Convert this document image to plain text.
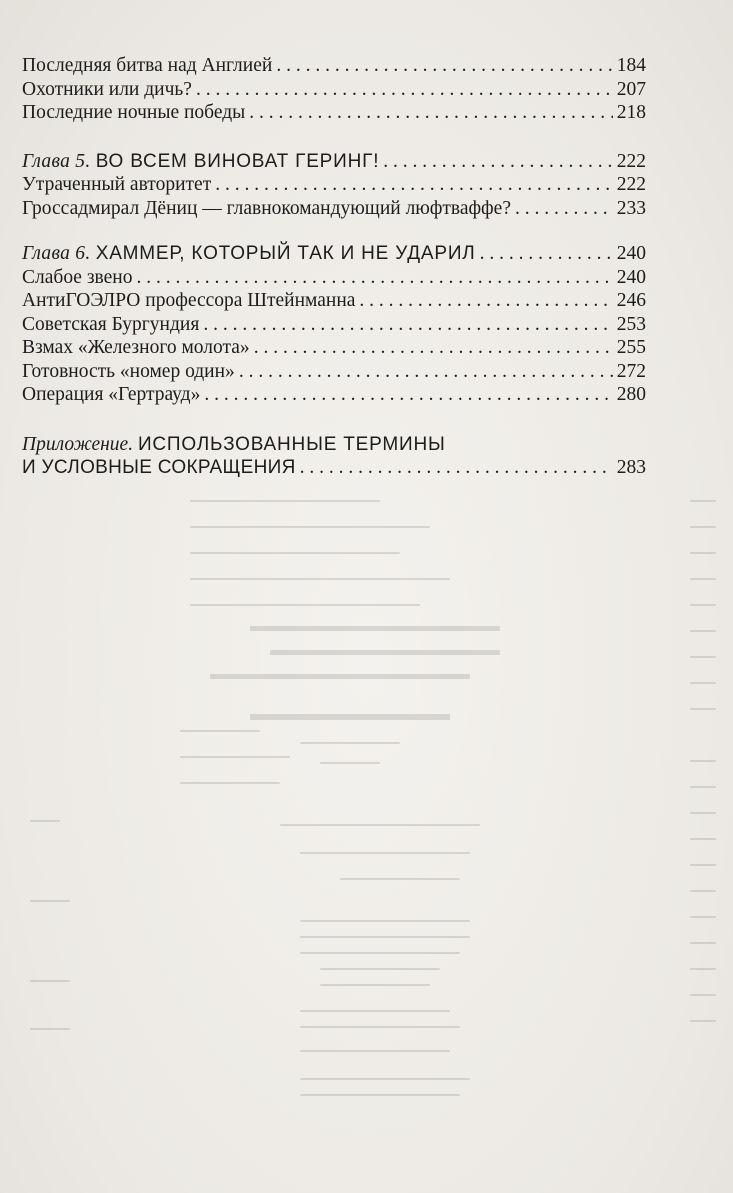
Последняя битва над Англией . . .	184
Охотники или дичь? . . .	207
Последние ночные победы . . .	218
Глава 5. ВО ВСЕМ ВИНОВАТ ГЕРИНГ! . . .	222
Утраченный авторитет . . .	222
Гроссадмирал Дёниц — главнокомандующий люфтваффе? . . .	233
Глава 6. ХАММЕР, КОТОРЫЙ ТАК И НЕ УДАРИЛ . . .	240
Слабое звено . . .	240
АнтиГОЭЛРО профессора Штейнманна . . .	246
Советская Бургундия . . .	253
Взмах «Железного молота» . . .	255
Готовность «номер один» . . .	272
Операция «Гертрауд» . . .	280
Приложение. ИСПОЛЬЗОВАННЫЕ ТЕРМИНЫ
И УСЛОВНЫЕ СОКРАЩЕНИЯ . . .	283
